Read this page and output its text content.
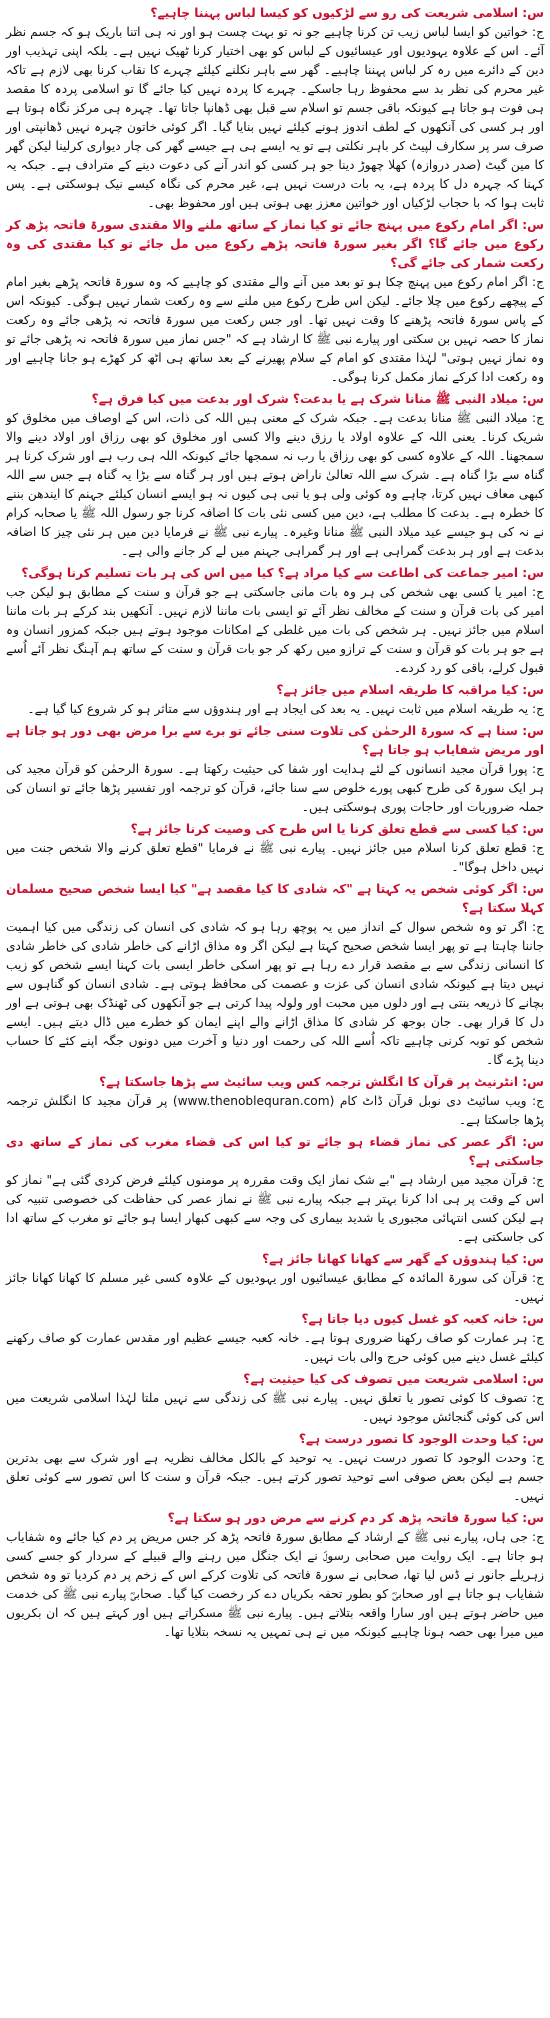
س: اسلامی شریعت کی رو سے لڑکیوں کو کیسا لباس پہننا چاہیے؟

ج: خواتین کو ایسا لباس زیب تن کرنا چاہیے جو نہ تو بہت چست ہو اور نہ ہی اتنا باریک ہو کہ جسم نظر آئے۔ اس کے علاوہ یہودیوں اور عیسائیوں کے لباس کو بھی اختیار کرنا ٹھیک نہیں ہے۔ بلکہ اپنی تہذیب اور دین کے دائرے میں رہ کر لباس پہننا چاہیے۔ گھر سے باہر نکلنے کیلئے چہرے کا نقاب کرنا بھی لازم ہے تاکہ غیر محرم کی نظر بد سے محفوظ رہا جاسکے۔ چہرے کا پردہ نہیں کیا جائے گا تو اسلامی پردہ کا مقصد ہی فوت ہو جاتا ہے کیونکہ باقی جسم تو اسلام سے قبل بھی ڈھانپا جاتا تھا۔ چہرہ ہی مرکز نگاہ ہوتا ہے اور ہر کسی کی آنکھوں کے لطف اندوز ہونے کیلئے نہیں بنایا گیا۔ اگر کوئی خاتون چہرہ نہیں ڈھانپتی اور صرف سر پر سکارف لپیٹ کر باہر نکلتی ہے تو یہ ایسے ہی ہے جیسے گھر کی چار دیواری کرلینا لیکن گھر کا مین گیٹ (صدر دروازہ) کھلا چھوڑ دینا جو ہر کسی کو اندر آنے کی دعوت دینے کے مترادف ہے۔ جبکہ یہ کہنا کہ چہرہ دل کا پردہ ہے، یہ بات درست نہیں ہے، غیر محرم کی نگاہ کیسے نیک ہوسکتی ہے۔ پس ثابت ہوا کہ با حجاب لڑکیاں اور خواتین معزز بھی ہوتی ہیں اور محفوظ بھی۔

س: اگر امام رکوع میں پہنچ جائے تو کیا نماز کے ساتھ ملنے والا مقتدی سورۃ فاتحہ پڑھ کر رکوع میں جائے گا؟ اگر بغیر سورۃ فاتحہ پڑھے رکوع میں مل جائے تو کیا مقتدی کی وہ رکعت شمار کی جائے گی؟

ج: اگر امام رکوع میں پہنچ چکا ہو تو بعد میں آنے والے مقتدی کو چاہیے کہ وہ سورۃ فاتحہ پڑھے بغیر امام کے پیچھے رکوع میں چلا جائے۔ لیکن اس طرح رکوع میں ملنے سے وہ رکعت شمار نہیں ہوگی۔ کیونکہ اس کے پاس سورۃ فاتحہ پڑھنے کا وقت نہیں تھا۔ اور جس رکعت میں سورۃ فاتحہ نہ پڑھی جائے وہ رکعت نماز کا حصہ نہیں بن سکتی اور پیارے نبی ﷺ کا ارشاد ہے کہ "جس نماز میں سورۃ فاتحہ نہ پڑھی جائے تو وہ نماز نہیں ہوتی" لہٰذا مقتدی کو امام کے سلام پھیرنے کے بعد ساتھ ہی اٹھ کر کھڑے ہو جانا چاہیے اور وہ رکعت ادا کرکے نماز مکمل کرنا ہوگی۔

س: میلاد النبی ﷺ منانا شرک ہے یا بدعت؟ شرک اور بدعت میں کیا فرق ہے؟

ج: میلاد النبی ﷺ منانا بدعت ہے۔ جبکہ شرک کے معنی ہیں اللہ کی ذات، اس کے اوصاف میں مخلوق کو شریک کرنا۔ یعنی اللہ کے علاوہ اولاد یا رزق دینے والا کسی اور مخلوق کو بھی رزاق اور اولاد دینے والا سمجھنا۔ اللہ کے علاوہ کسی کو بھی رزاق یا رب نہ سمجھا جائے کیونکہ اللہ ہی رب ہے اور شرک کرنا ہر گناہ سے بڑا گناہ ہے۔ شرک سے اللہ تعالیٰ ناراض ہوتے ہیں اور ہر گناہ سے بڑا یہ گناہ ہے جس سے اللہ کبھی معاف نہیں کرتا، چاہے وہ کوئی ولی ہو یا نبی ہی کیوں نہ ہو ایسے انسان کیلئے جہنم کا ایندھن بننے کا خطرہ ہے۔ بدعت کا مطلب ہے، دین میں کسی نئی بات کا اضافہ کرنا جو رسول اللہ ﷺ یا صحابہ کرام نے نہ کی ہو جیسے عید میلاد النبی ﷺ منانا وغیرہ۔ پیارے نبی ﷺ نے فرمایا دین میں ہر نئی چیز کا اضافہ بدعت ہے اور ہر بدعت گمراہی ہے اور ہر گمراہی جہنم میں لے کر جانے والی ہے۔

س: امیر جماعت کی اطاعت سے کیا مراد ہے؟ کیا میں اس کی ہر بات تسلیم کرنا ہوگی؟

ج: امیر یا کسی بھی شخص کی ہر وہ بات مانی جاسکتی ہے جو قرآن و سنت کے مطابق ہو لیکن جب امیر کی بات قرآن و سنت کے مخالف نظر آئے تو ایسی بات ماننا لازم نہیں۔ آنکھیں بند کرکے ہر بات ماننا اسلام میں جائز نہیں۔ ہر شخص کی بات میں غلطی کے امکانات موجود ہوتے ہیں جبکہ کمزور انسان وہ ہے جو ہر بات کو قرآن و سنت کے ترازو میں رکھ کر جو بات قرآن و سنت کے ساتھ ہم آہنگ نظر آئے اُسے قبول کرلے، باقی کو رد کردے۔

س: کیا مراقبہ کا طریقہ اسلام میں جائز ہے؟

ج: یہ طریقہ اسلام میں ثابت نہیں۔ یہ بعد کی ایجاد ہے اور ہندوؤں سے متاثر ہو کر شروع کیا گیا ہے۔

س: سنا ہے کہ سورۃ الرحمٰن کی تلاوت سنی جائے تو برے سے برا مرض بھی دور ہو جاتا ہے اور مریض شفایاب ہو جاتا ہے؟

ج: پورا قرآن مجید انسانوں کے لئے ہدایت اور شفا کی حیثیت رکھتا ہے۔ سورۃ الرحمٰن کو قرآن مجید کی ہر ایک سورۃ کی طرح کبھی پورے خلوص سے سنا جائے، قرآن کو ترجمہ اور تفسیر پڑھا جائے تو انسان کی جملہ ضروریات اور حاجات پوری ہوسکتی ہیں۔

س: کیا کسی سے قطع تعلق کرنا یا اس طرح کی وصیت کرنا جائز ہے؟

ج: قطع تعلق کرنا اسلام میں جائز نہیں۔ پیارے نبی ﷺ نے فرمایا "قطع تعلق کرنے والا شخص جنت میں نہیں داخل ہوگا"۔

س: اگر کوئی شخص یہ کہتا ہے "کہ شادی کا کیا مقصد ہے" کیا ایسا شخص صحیح مسلمان کہلا سکتا ہے؟

ج: اگر تو وہ شخص سوال کے انداز میں یہ پوچھ رہا ہو کہ شادی کی انسان کی زندگی میں کیا اہمیت جاننا چاہتا ہے تو پھر ایسا شخص صحیح کہتا ہے لیکن اگر وہ مذاق اڑانے کی خاطر شادی کی خاطر شادی کا انسانی زندگی سے بے مقصد قرار دے رہا ہے تو پھر اسکی خاطر ایسی بات کہنا ایسے شخص کو زیب نہیں دیتا ہے کیونکہ شادی انسان کی عزت و عصمت کی محافظ ہوتی ہے۔ شادی انسان کو گناہوں سے بچانے کا ذریعہ بنتی ہے اور دلوں میں محبت اور ولولہ پیدا کرتی ہے جو آنکھوں کی ٹھنڈک بھی ہوتی ہے اور دل کا قرار بھی۔ جان بوجھ کر شادی کا مذاق اڑانے والے اپنے ایمان کو خطرے میں ڈال دیتے ہیں۔ ایسے شخص کو توبہ کرنی چاہیے تاکہ اُسے اللہ کی رحمت اور دنیا و آخرت میں دونوں جگہ اپنے کئے کا حساب دینا پڑے گا۔

س: انٹرنیٹ پر قرآن کا انگلش ترجمہ کس ویب سائیٹ سے پڑھا جاسکتا ہے؟

ج: ویب سائیٹ دی نوبل قرآن ڈاٹ کام (www.thenoblequran.com) پر قرآن مجید کا انگلش ترجمہ پڑھا جاسکتا ہے۔

س: اگر عصر کی نماز قضاء ہو جائے تو کیا اس کی قضاء مغرب کی نماز کے ساتھ دی جاسکتی ہے؟

ج: قرآن مجید میں ارشاد ہے "بے شک نماز ایک وقت مقررہ پر مومنوں کیلئے فرض کردی گئی ہے" نماز کو اس کے وقت پر ہی ادا کرنا بہتر ہے جبکہ پیارے نبی ﷺ نے نماز عصر کی حفاظت کی خصوصی تنبیہ کی ہے لیکن کسی انتہائی مجبوری یا شدید بیماری کی وجہ سے کبھی کبھار ایسا ہو جائے تو مغرب کے ساتھ ادا کی جاسکتی ہے۔

س: کیا ہندوؤں کے گھر سے کھانا کھانا جائز ہے؟

ج: قرآن کی سورۃ المائدہ کے مطابق عیسائیوں اور یہودیوں کے علاوہ کسی غیر مسلم کا کھانا کھانا جائز نہیں۔

س: خانہ کعبہ کو غسل کیوں دیا جاتا ہے؟

ج: ہر عمارت کو صاف رکھنا ضروری ہوتا ہے۔ خانہ کعبہ جیسے عظیم اور مقدس عمارت کو صاف رکھنے کیلئے غسل دینے میں کوئی حرج والی بات نہیں۔

س: اسلامی شریعت میں تصوف کی کیا حیثیت ہے؟

ج: تصوف کا کوئی تصور یا تعلق نہیں۔ پیارے نبی ﷺ کی زندگی سے نہیں ملتا لہٰذا اسلامی شریعت میں اس کی کوئی گنجائش موجود نہیں۔

س: کیا وحدت الوجود کا تصور درست ہے؟

ج: وحدت الوجود کا تصور درست نہیں۔ یہ توحید کے بالکل مخالف نظریہ ہے اور شرک سے بھی بدترین جسم ہے لیکن بعض صوفی اسے توحید تصور کرتے ہیں۔ جبکہ قرآن و سنت کا اس تصور سے کوئی تعلق نہیں۔

س: کیا سورۃ فاتحہ پڑھ کر دم کرنے سے مرض دور ہو سکتا ہے؟

ج: جی ہاں، پیارے نبی ﷺ کے ارشاد کے مطابق سورۃ فاتحہ پڑھ کر جس مریض پر دم کیا جائے وہ شفایاب ہو جاتا ہے۔ ایک روایت میں صحابی رسولؐ نے ایک جنگل میں رہنے والے قبیلے کے سردار کو جسے کسی زہریلے جانور نے ڈس لیا تھا، صحابی نے سورۃ فاتحہ کی تلاوت کرکے اس کے زخم پر دم کردیا تو وہ شخص شفایاب ہو جاتا ہے اور صحابیؓ کو بطور تحفہ بکریاں دے کر رخصت کیا گیا۔ صحابیؓ پیارے نبی ﷺ کی خدمت میں حاضر ہوتے ہیں اور سارا واقعہ بتلاتے ہیں۔ پیارے نبی ﷺ مسکراتے ہیں اور کہتے ہیں کہ ان بکریوں میں میرا بھی حصہ ہونا چاہیے کیونکہ میں نے ہی تمہیں یہ نسخہ بتلایا تھا۔
